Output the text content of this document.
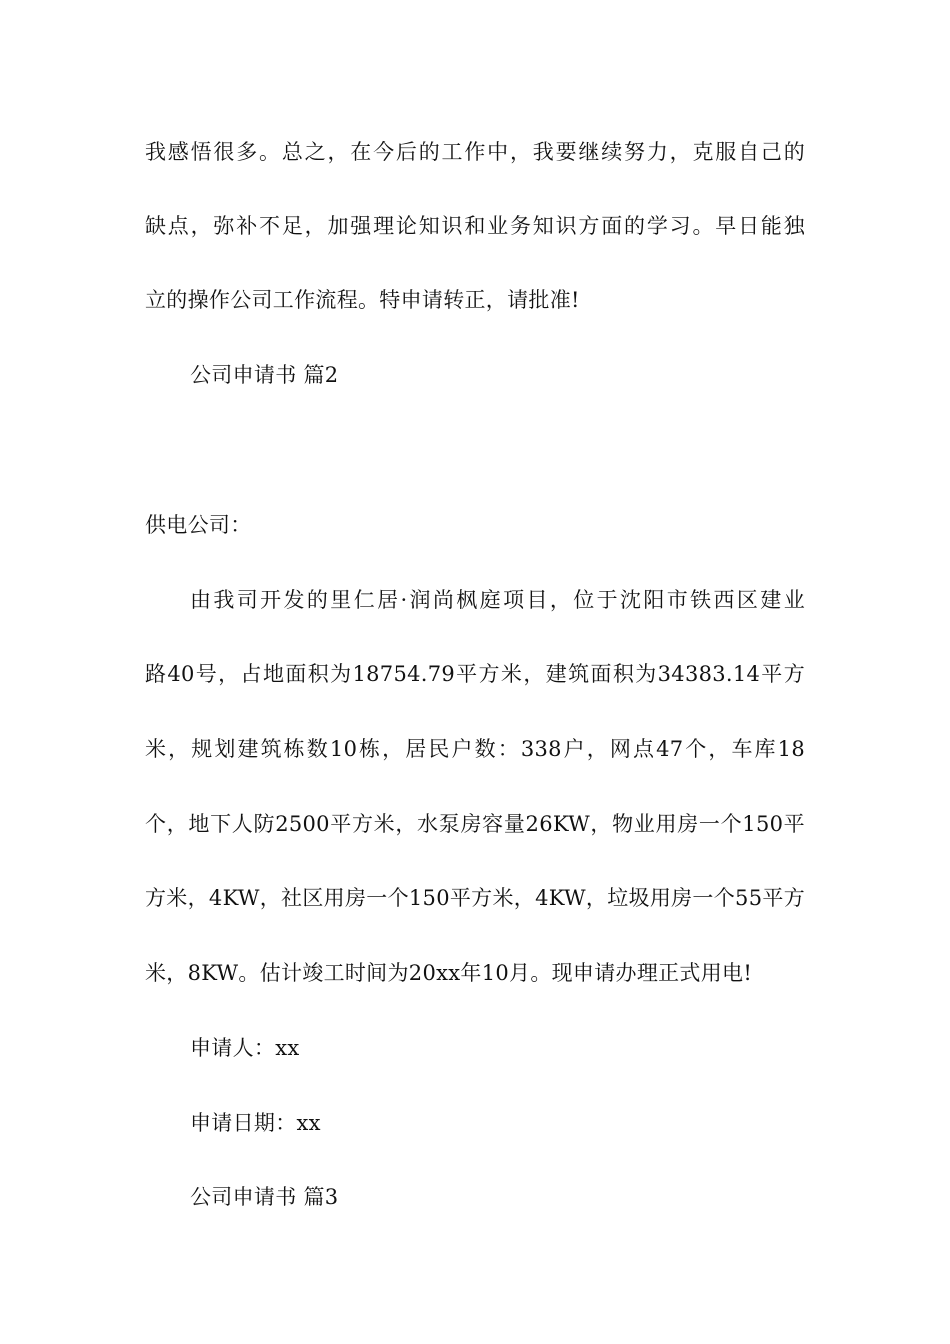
我感悟很多。总之，在今后的工作中，我要继续努力，克服自己的
缺点，弥补不足，加强理论知识和业务知识方面的学习。早日能独
立的操作公司工作流程。特申请转正，请批准!
公司申请书 篇2
供电公司：
由我司开发的里仁居·润尚枫庭项目，位于沈阳市铁西区建业
路40号，占地面积为18754.79平方米，建筑面积为34383.14平方
米，规划建筑栋数10栋，居民户数：338户，网点47个，车库18
个，地下人防2500平方米，水泵房容量26KW，物业用房一个150平
方米，4KW，社区用房一个150平方米，4KW，垃圾用房一个55平方
米，8KW。估计竣工时间为20xx年10月。现申请办理正式用电!
申请人：xx
申请日期：xx
公司申请书 篇3
